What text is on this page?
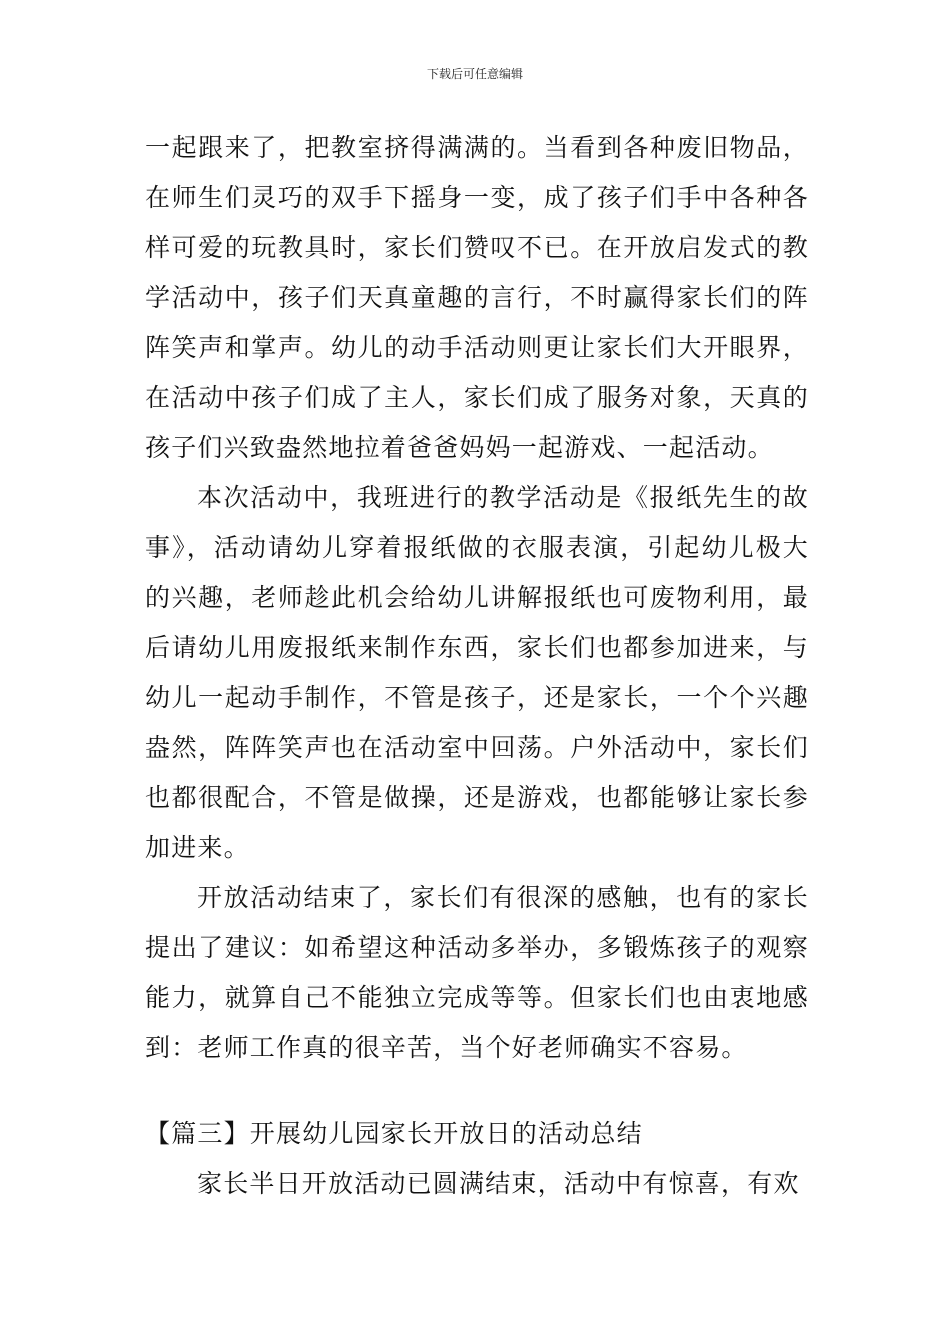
下载后可任意编辑

一起跟来了，把教室挤得满满的。当看到各种废旧物品，在师生们灵巧的双手下摇身一变，成了孩子们手中各种各样可爱的玩教具时，家长们赞叹不已。在开放启发式的教学活动中，孩子们天真童趣的言行，不时赢得家长们的阵阵笑声和掌声。幼儿的动手活动则更让家长们大开眼界，在活动中孩子们成了主人，家长们成了服务对象，天真的孩子们兴致盎然地拉着爸爸妈妈一起游戏、一起活动。

本次活动中，我班进行的教学活动是《报纸先生的故事》，活动请幼儿穿着报纸做的衣服表演，引起幼儿极大的兴趣，老师趁此机会给幼儿讲解报纸也可废物利用，最后请幼儿用废报纸来制作东西，家长们也都参加进来，与幼儿一起动手制作，不管是孩子，还是家长，一个个兴趣盎然，阵阵笑声也在活动室中回荡。户外活动中，家长们也都很配合，不管是做操，还是游戏，也都能够让家长参加进来。

开放活动结束了，家长们有很深的感触，也有的家长提出了建议：如希望这种活动多举办，多锻炼孩子的观察能力，就算自己不能独立完成等等。但家长们也由衷地感到：老师工作真的很辛苦，当个好老师确实不容易。

【篇三】开展幼儿园家长开放日的活动总结

家长半日开放活动已圆满结束，活动中有惊喜，有欢
